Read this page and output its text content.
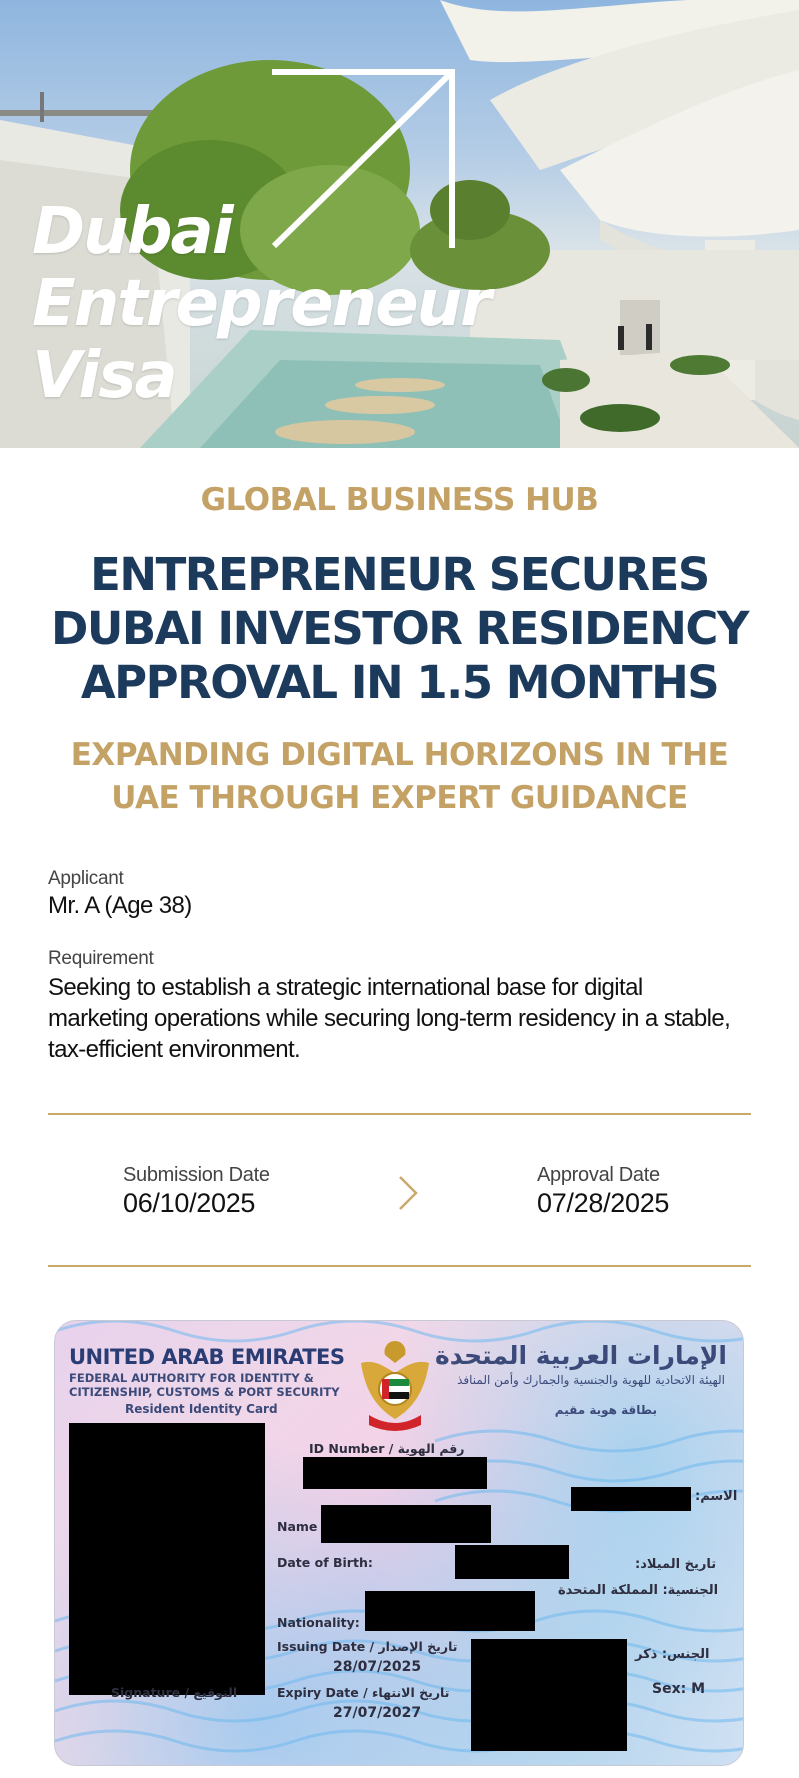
Dubai
Entrepreneur
Visa
GLOBAL BUSINESS HUB
ENTREPRENEUR SECURES DUBAI INVESTOR RESIDENCY APPROVAL IN 1.5 MONTHS
EXPANDING DIGITAL HORIZONS IN THE UAE THROUGH EXPERT GUIDANCE
Applicant
Mr. A (Age 38)
Requirement
Seeking to establish a strategic international base for digital marketing operations while securing long-term residency in a stable, tax-efficient environment.
Submission Date
06/10/2025
Approval Date
07/28/2025
UNITED ARAB EMIRATES
FEDERAL AUTHORITY FOR IDENTITY & CITIZENSHIP, CUSTOMS & PORT SECURITY
Resident Identity Card
الإمارات العربية المتحدة
الهيئة الاتحادية للهوية والجنسية والجمارك وأمن المنافذ
بطاقة هوية مقيم
ID Number / رقم الهوية
الاسم:
Name
Date of Birth:	تاريخ الميلاد:
الجنسية: المملكة المتحدة
Nationality:
Issuing Date / تاريخ الإصدار
28/07/2025
الجنس: ذكر
Sex: M
Signature / التوقيع	Expiry Date / تاريخ الانتهاء
27/07/2027
